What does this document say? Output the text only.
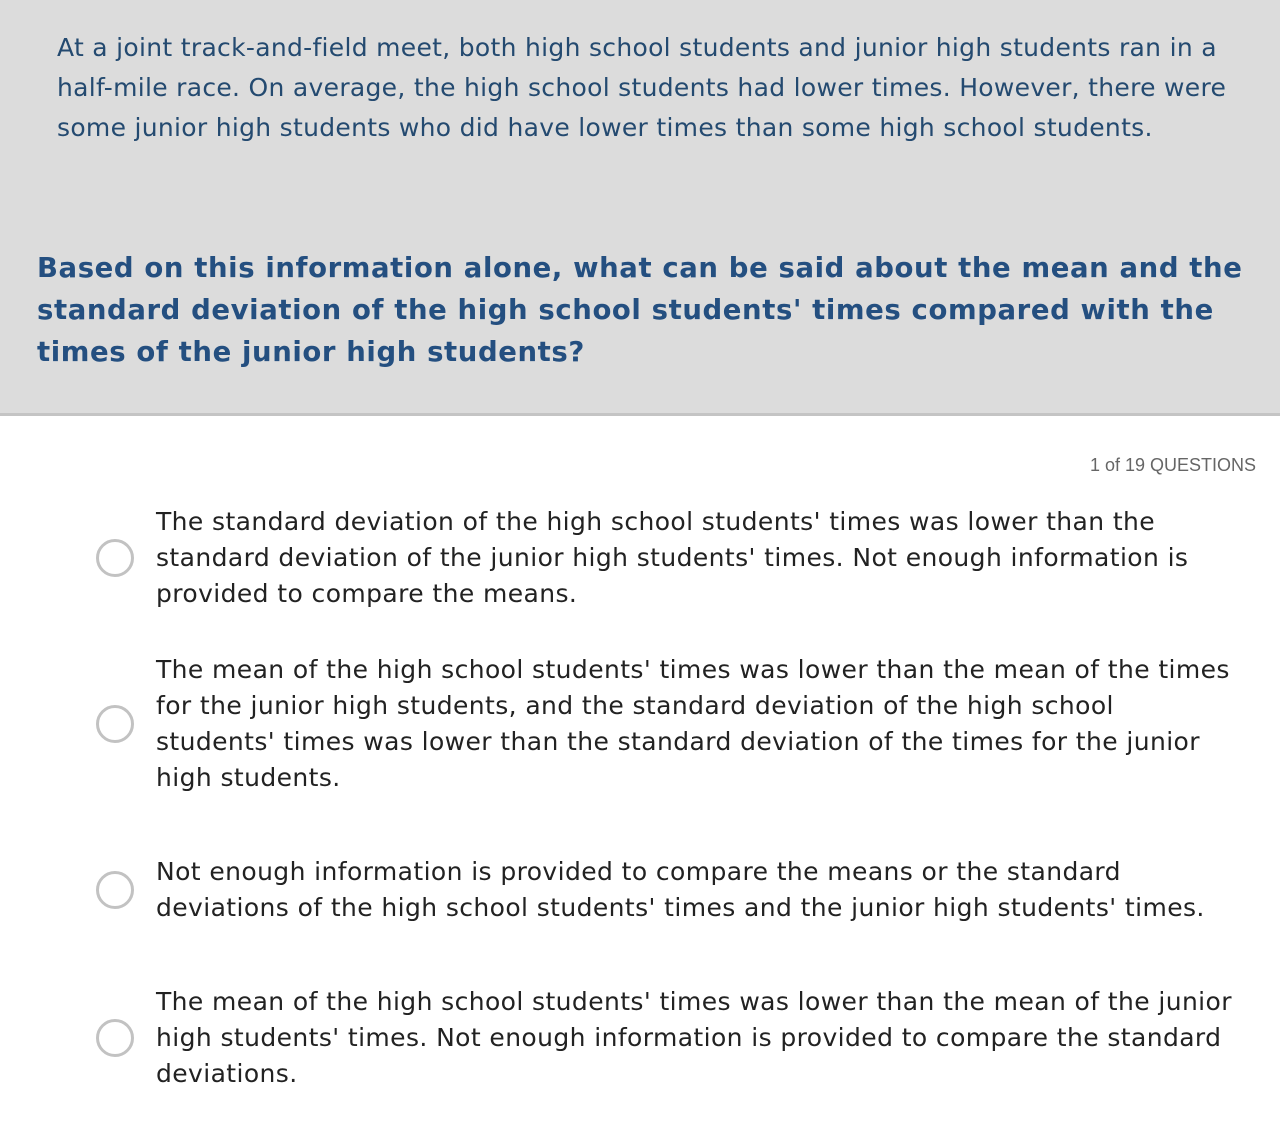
At a joint track-and-field meet, both high school students and junior high students ran in a half-mile race. On average, the high school students had lower times. However, there were some junior high students who did have lower times than some high school students.

Based on this information alone, what can be said about the mean and the standard deviation of the high school students' times compared with the times of the junior high students?

1 of 19 QUESTIONS
The standard deviation of the high school students' times was lower than the standard deviation of the junior high students' times. Not enough information is provided to compare the means.
The mean of the high school students' times was lower than the mean of the times for the junior high students, and the standard deviation of the high school students' times was lower than the standard deviation of the times for the junior high students.
Not enough information is provided to compare the means or the standard deviations of the high school students' times and the junior high students' times.
The mean of the high school students' times was lower than the mean of the junior high students' times. Not enough information is provided to compare the standard deviations.
